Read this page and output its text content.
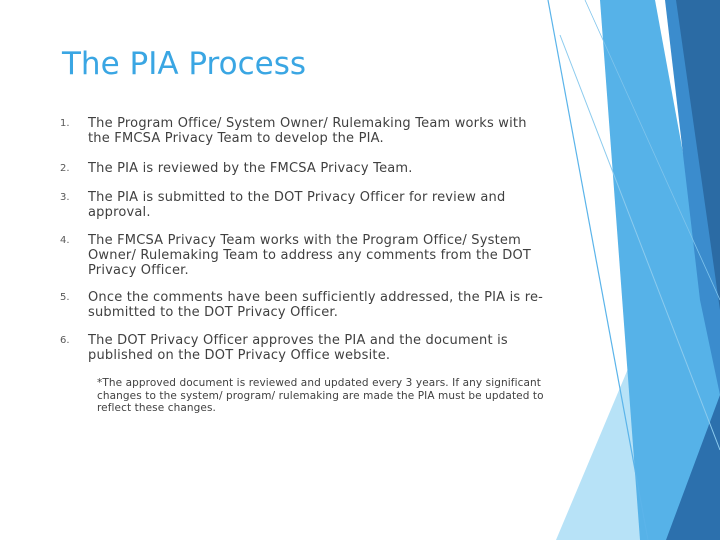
The PIA Process
1. The Program Office/ System Owner/ Rulemaking Team works with the FMCSA Privacy Team to develop the PIA.
2. The PIA is reviewed by the FMCSA Privacy Team.
3. The PIA is submitted to the DOT Privacy Officer for review and approval.
4. The FMCSA Privacy Team works with the Program Office/ System Owner/ Rulemaking Team to address any comments from the DOT Privacy Officer.
5. Once the comments have been sufficiently addressed, the PIA is re-submitted to the DOT Privacy Officer.
6. The DOT Privacy Officer approves the PIA and the document is published on the DOT Privacy Office website.
*The approved document is reviewed and updated every 3 years. If any significant changes to the system/ program/ rulemaking are made the PIA must be updated to reflect these changes.
